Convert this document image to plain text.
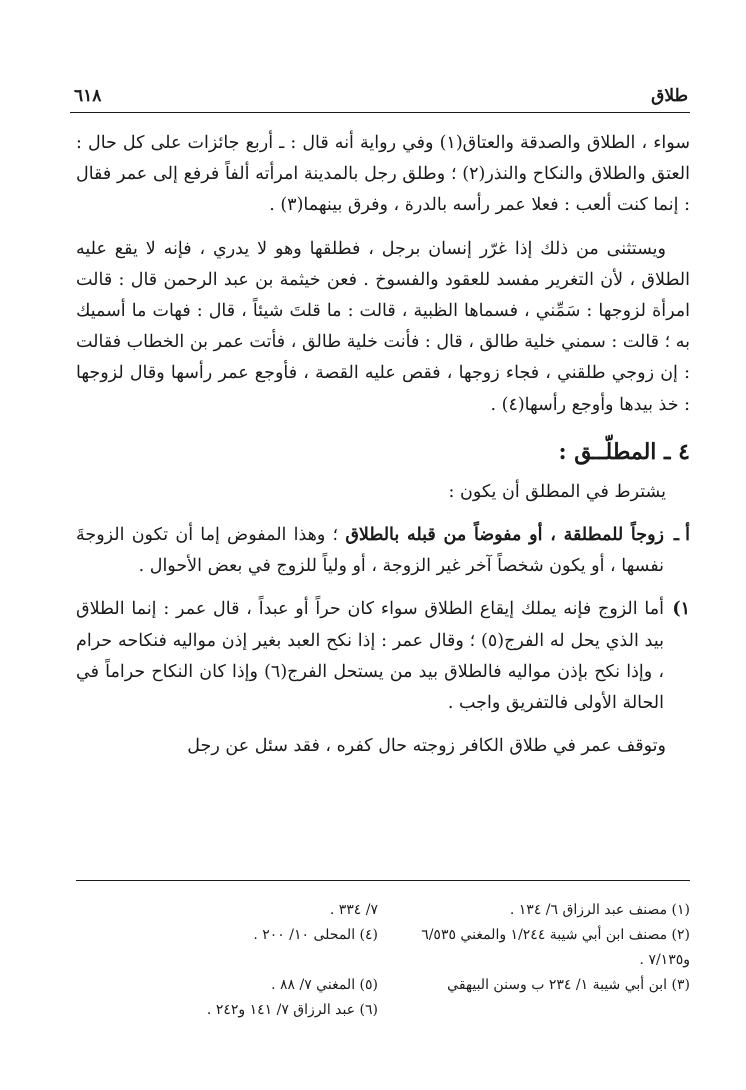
طلاق
٦١٨

سواء ، الطلاق والصدقة والعتاق(١) وفي رواية أنه قال : ـ أربع جائزات على كل حال : العتق والطلاق والنكاح والنذر(٢) ؛ وطلق رجل بالمدينة امرأته ألفاً فرفع إلى عمر فقال : إنما كنت ألعب : فعلا عمر رأسه بالدرة ، وفرق بينهما(٣) .

ويستثنى من ذلك إذا غرّر إنسان برجل ، فطلقها وهو لا يدري ، فإنه لا يقع عليه الطلاق ، لأن التغرير مفسد للعقود والفسوخ . فعن خيثمة بن عبد الرحمن قال : قالت امرأة لزوجها : سَمِّني ، فسماها الظبية ، قالت : ما قلتَ شيئاً ، قال : فهات ما أسميك به ؛ قالت : سمني خلية طالق ، قال : فأنت خلية طالق ، فأتت عمر بن الخطاب فقالت : إن زوجي طلقني ، فجاء زوجها ، فقص عليه القصة ، فأوجع عمر رأسها وقال لزوجها : خذ بيدها وأوجع رأسها(٤) .

٤ ـ المطلّــق :

يشترط في المطلق أن يكون :

أ ـ
زوجاً للمطلقة ، أو مفوضاً من قبله بالطلاق ؛ وهذا المفوض إما أن تكون الزوجةَ نفسها ، أو يكون شخصاً آخر غير الزوجة ، أو ولياً للزوج في بعض الأحوال .
١)
أما الزوج فإنه يملك إيقاع الطلاق سواء كان حراً أو عبداً ، قال عمر : إنما الطلاق بيد الذي يحل له الفرج(٥) ؛ وقال عمر : إذا نكح العبد بغير إذن مواليه فنكاحه حرام ، وإذا نكح بإذن مواليه فالطلاق بيد من يستحل الفرج(٦) وإذا كان النكاح حراماً في الحالة الأولى فالتفريق واجب .

وتوقف عمر في طلاق الكافر زوجته حال كفره ، فقد سئل عن رجل

(١) مصنف عبد الرزاق ٦/ ١٣٤ .
٧/ ٣٣٤ .
(٢) مصنف ابن أبي شيبة ١/٢٤٤ والمغني ٦/٥٣٥ و٧/١٣٥ .
(٤) المحلى ١٠/ ٢٠٠ .
(٣) ابن أبي شيبة ١/ ٢٣٤ ب وسنن البيهقي
(٥) المغني ٧/ ٨٨ .
(٦) عبد الرزاق ٧/ ١٤١ و٢٤٢ .
